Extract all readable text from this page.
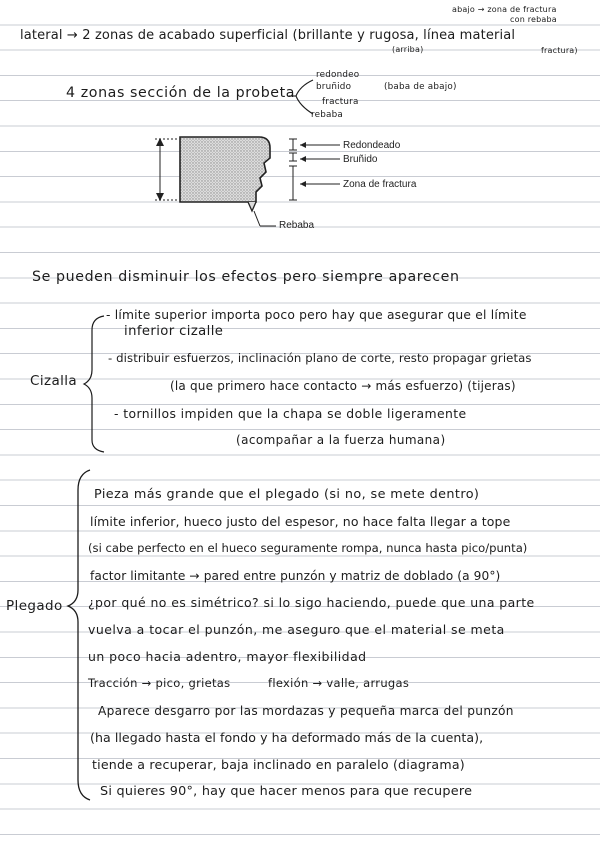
abajo → zona de fractura

con rebaba

lateral → 2 zonas de acabado superficial (brillante y rugosa, línea material

(arriba)	fractura)

4 zonas sección de la probeta

redondeo

bruñido

fractura

rebaba

(baba de abajo)

Redondeado
Bruñido
Zona de fractura
Rebaba

Se pueden disminuir los efectos pero siempre aparecen

Cizalla

- límite superior importa poco pero hay que asegurar que el límite

inferior cizalle

- distribuir esfuerzos, inclinación plano de corte, resto propagar grietas

(la que primero hace contacto → más esfuerzo) (tijeras)

- tornillos impiden que la chapa se doble ligeramente

(acompañar a la fuerza humana)

Plegado

Pieza más grande que el plegado (si no, se mete dentro)

límite inferior, hueco justo del espesor, no hace falta llegar a tope

(si cabe perfecto en el hueco seguramente rompa, nunca hasta pico/punta)

factor limitante → pared entre punzón y matriz de doblado (a 90°)

¿por qué no es simétrico? si lo sigo haciendo, puede que una parte

vuelva a tocar el punzón, me aseguro que el material se meta

un poco hacia adentro, mayor flexibilidad

Tracción → pico, grietas	flexión → valle, arrugas

Aparece desgarro por las mordazas y pequeña marca del punzón

(ha llegado hasta el fondo y ha deformado más de la cuenta),

tiende a recuperar, baja inclinado en paralelo (diagrama)

Si quieres 90°, hay que hacer menos para que recupere
